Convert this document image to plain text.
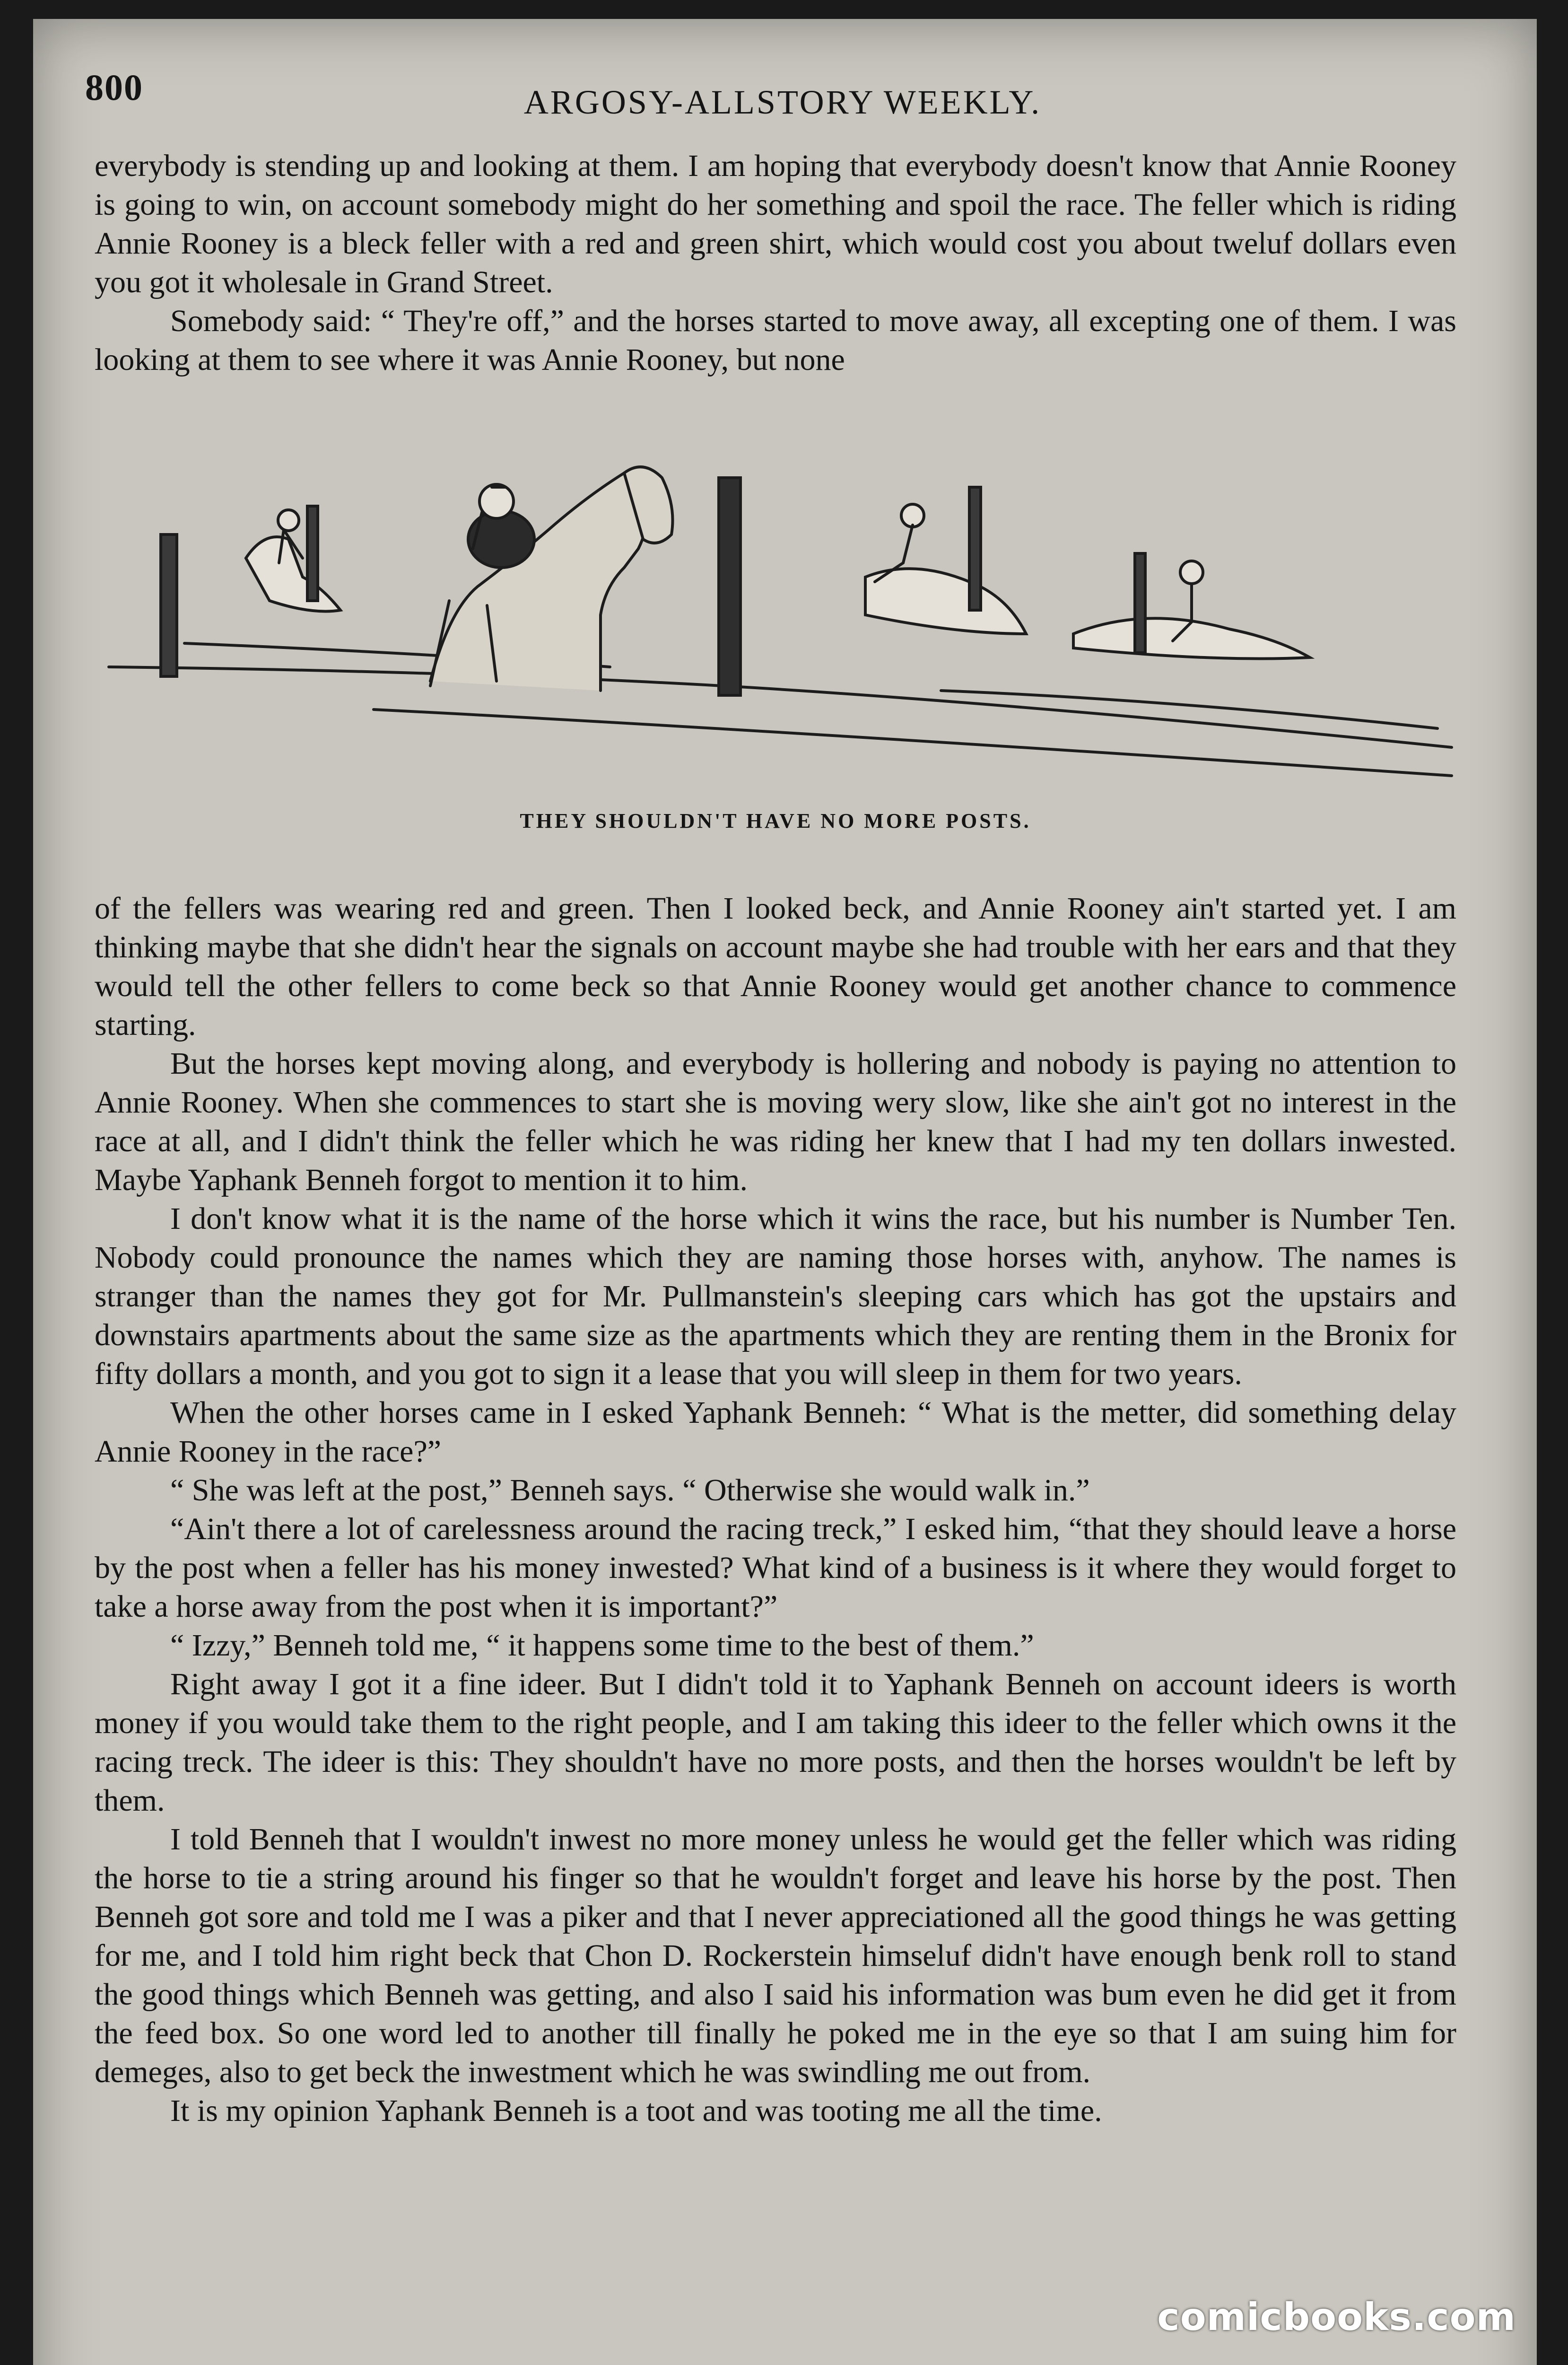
800	ARGOSY-ALLSTORY WEEKLY.

everybody is stending up and looking at them. I am hoping that everybody doesn't know that Annie Rooney is going to win, on account somebody might do her something and spoil the race. The feller which is riding Annie Rooney is a bleck feller with a red and green shirt, which would cost you about tweluf dollars even you got it wholesale in Grand Street.

Somebody said: “ They're off,” and the horses started to move away, all excepting one of them. I was looking at them to see where it was Annie Rooney, but none

THEY SHOULDN'T HAVE NO MORE POSTS.

of the fellers was wearing red and green. Then I looked beck, and Annie Rooney ain't started yet. I am thinking maybe that she didn't hear the signals on account maybe she had trouble with her ears and that they would tell the other fellers to come beck so that Annie Rooney would get another chance to commence starting.

But the horses kept moving along, and everybody is hollering and nobody is paying no attention to Annie Rooney. When she commences to start she is moving wery slow, like she ain't got no interest in the race at all, and I didn't think the feller which he was riding her knew that I had my ten dollars inwested. Maybe Yaphank Benneh forgot to mention it to him.

I don't know what it is the name of the horse which it wins the race, but his number is Number Ten. Nobody could pronounce the names which they are naming those horses with, anyhow. The names is stranger than the names they got for Mr. Pullmanstein's sleeping cars which has got the upstairs and downstairs apartments about the same size as the apartments which they are renting them in the Bronix for fifty dollars a month, and you got to sign it a lease that you will sleep in them for two years.

When the other horses came in I esked Yaphank Benneh: “ What is the metter, did something delay Annie Rooney in the race?”

“ She was left at the post,” Benneh says. “ Otherwise she would walk in.”

“Ain't there a lot of carelessness around the racing treck,” I esked him, “that they should leave a horse by the post when a feller has his money inwested? What kind of a business is it where they would forget to take a horse away from the post when it is important?”

“ Izzy,” Benneh told me, “ it happens some time to the best of them.”

Right away I got it a fine ideer. But I didn't told it to Yaphank Benneh on account ideers is worth money if you would take them to the right people, and I am taking this ideer to the feller which owns it the racing treck. The ideer is this: They shouldn't have no more posts, and then the horses wouldn't be left by them.

I told Benneh that I wouldn't inwest no more money unless he would get the feller which was riding the horse to tie a string around his finger so that he wouldn't forget and leave his horse by the post. Then Benneh got sore and told me I was a piker and that I never appreciationed all the good things he was getting for me, and I told him right beck that Chon D. Rockerstein himseluf didn't have enough benk roll to stand the good things which Benneh was getting, and also I said his information was bum even he did get it from the feed box. So one word led to another till finally he poked me in the eye so that I am suing him for demeges, also to get beck the inwestment which he was swindling me out from.

It is my opinion Yaphank Benneh is a toot and was tooting me all the time.

comicbooks.com
